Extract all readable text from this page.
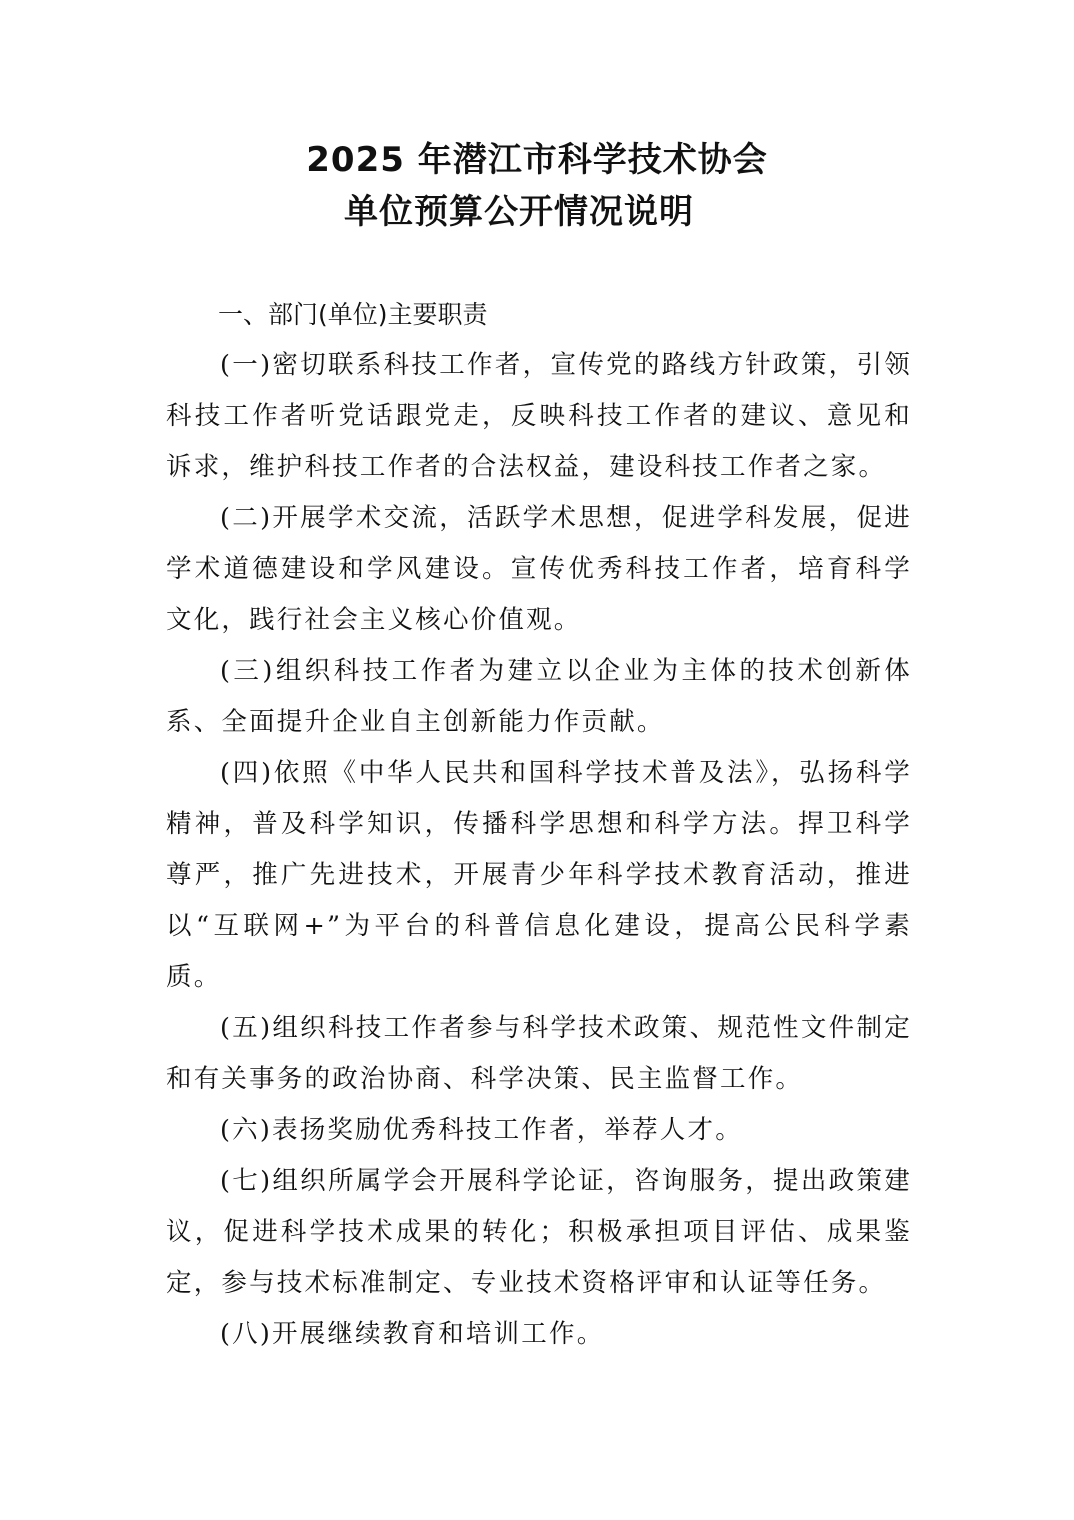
2025 年潜江市科学技术协会
单位预算公开情况说明

一、部门(单位)主要职责

(一)密切联系科技工作者，宣传党的路线方针政策，引领科技工作者听党话跟党走，反映科技工作者的建议、意见和诉求，维护科技工作者的合法权益，建设科技工作者之家。

(二)开展学术交流，活跃学术思想，促进学科发展，促进学术道德建设和学风建设。宣传优秀科技工作者，培育科学文化，践行社会主义核心价值观。

(三)组织科技工作者为建立以企业为主体的技术创新体系、全面提升企业自主创新能力作贡献。

(四)依照《中华人民共和国科学技术普及法》，弘扬科学精神，普及科学知识，传播科学思想和科学方法。捍卫科学尊严，推广先进技术，开展青少年科学技术教育活动，推进以“互联网+”为平台的科普信息化建设，提高公民科学素质。

(五)组织科技工作者参与科学技术政策、规范性文件制定和有关事务的政治协商、科学决策、民主监督工作。

(六)表扬奖励优秀科技工作者，举荐人才。

(七)组织所属学会开展科学论证，咨询服务，提出政策建议，促进科学技术成果的转化；积极承担项目评估、成果鉴定，参与技术标准制定、专业技术资格评审和认证等任务。

(八)开展继续教育和培训工作。
